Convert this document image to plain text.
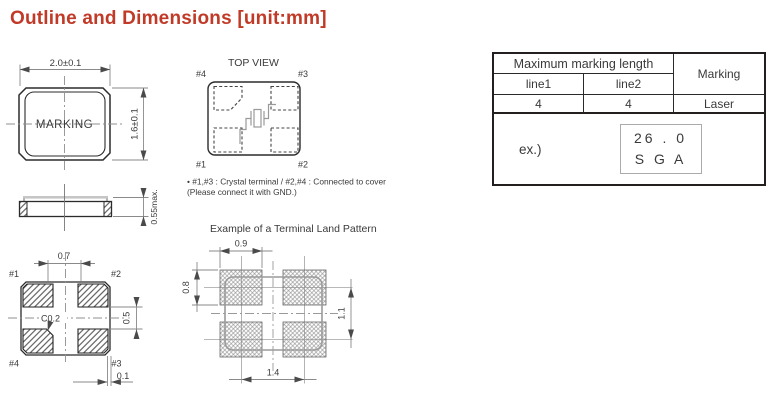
Outline and Dimensions [unit:mm]
MARKING
2.0±0.1
1.6±0.1
TOP VIEW
#4	#3
#1	#2
• #1,#3 : Crystal terminal / #2,#4 : Connected to cover
(Please connect it with GND.)
0.55max.
0.7
C0.2	0.5
0.1
#1	#2
#4	#3
Example of a Terminal Land Pattern
0.9
0.8
1.1
1.4
Maximum marking length
Marking
line1	line2
4	4	Laser
ex.)
26 . 0
S G A
